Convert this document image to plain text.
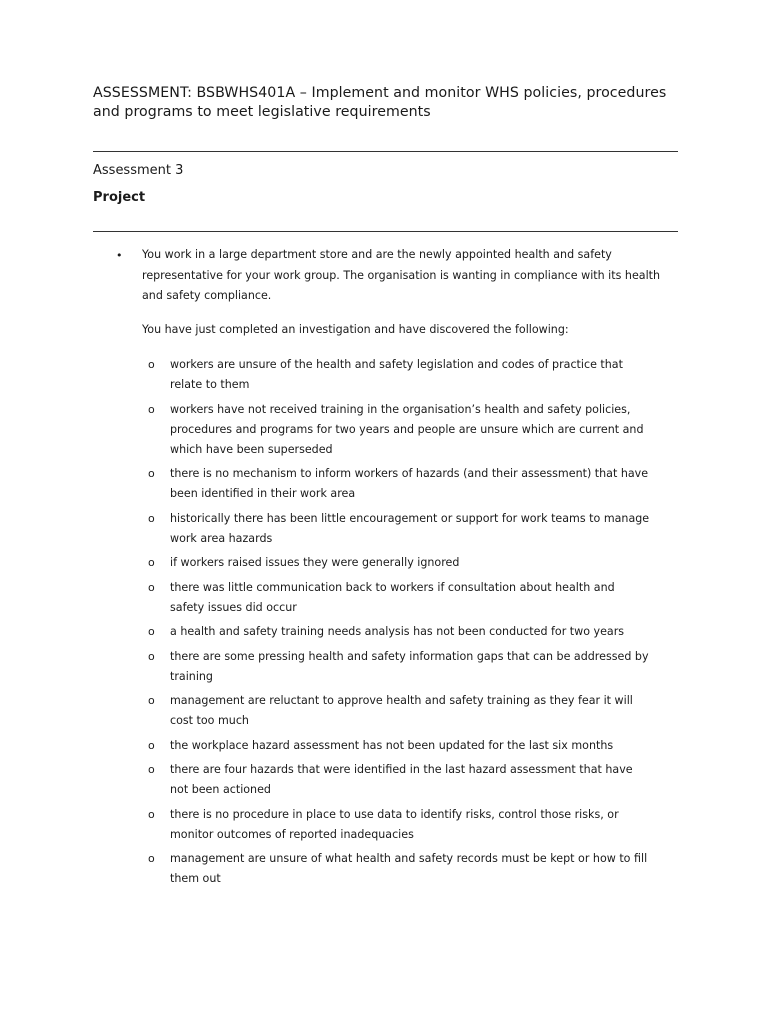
ASSESSMENT: BSBWHS401A – Implement and monitor WHS policies, procedures and programs to meet legislative requirements

Assessment 3

Project

• You work in a large department store and are the newly appointed health and safety representative for your work group. The organisation is wanting in compliance with its health and safety compliance.

You have just completed an investigation and have discovered the following:

o workers are unsure of the health and safety legislation and codes of practice that relate to them
o workers have not received training in the organisation’s health and safety policies, procedures and programs for two years and people are unsure which are current and which have been superseded
o there is no mechanism to inform workers of hazards (and their assessment) that have been identified in their work area
o historically there has been little encouragement or support for work teams to manage work area hazards
o if workers raised issues they were generally ignored
o there was little communication back to workers if consultation about health and safety issues did occur
o a health and safety training needs analysis has not been conducted for two years
o there are some pressing health and safety information gaps that can be addressed by training
o management are reluctant to approve health and safety training as they fear it will cost too much
o the workplace hazard assessment has not been updated for the last six months
o there are four hazards that were identified in the last hazard assessment that have not been actioned
o there is no procedure in place to use data to identify risks, control those risks, or monitor outcomes of reported inadequacies
o management are unsure of what health and safety records must be kept or how to fill them out
